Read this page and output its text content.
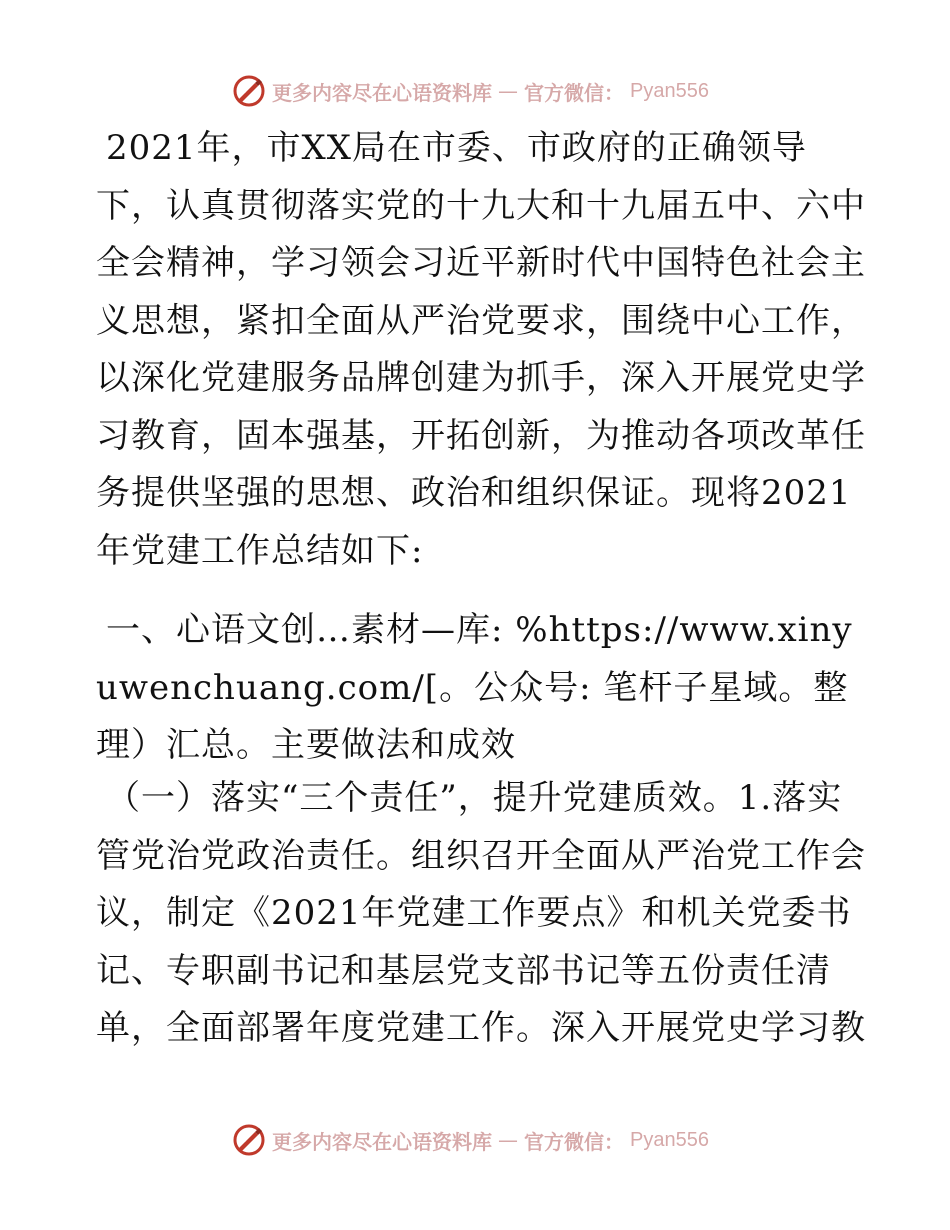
更多内容尽在心语资料库 — 官方微信： Pyan556
2021年，市XX局在市委、市政府的正确领导下，认真贯彻落实党的十九大和十九届五中、六中全会精神，学习领会习近平新时代中国特色社会主义思想，紧扣全面从严治党要求，围绕中心工作，以深化党建服务品牌创建为抓手，深入开展党史学习教育，固本强基，开拓创新，为推动各项改革任务提供坚强的思想、政治和组织保证。现将2021年党建工作总结如下:
一、心语文创…素材—库: %https://www.xinyuwenchuang.com/[。公众号: 笔杆子星域。整理）汇总。主要做法和成效
（一）落实“三个责任”，提升党建质效。1.落实管党治党政治责任。组织召开全面从严治党工作会议，制定《2021年党建工作要点》和机关党委书记、专职副书记和基层党支部书记等五份责任清单，全面部署年度党建工作。深入开展党史学习教
更多内容尽在心语资料库 — 官方微信： Pyan556
